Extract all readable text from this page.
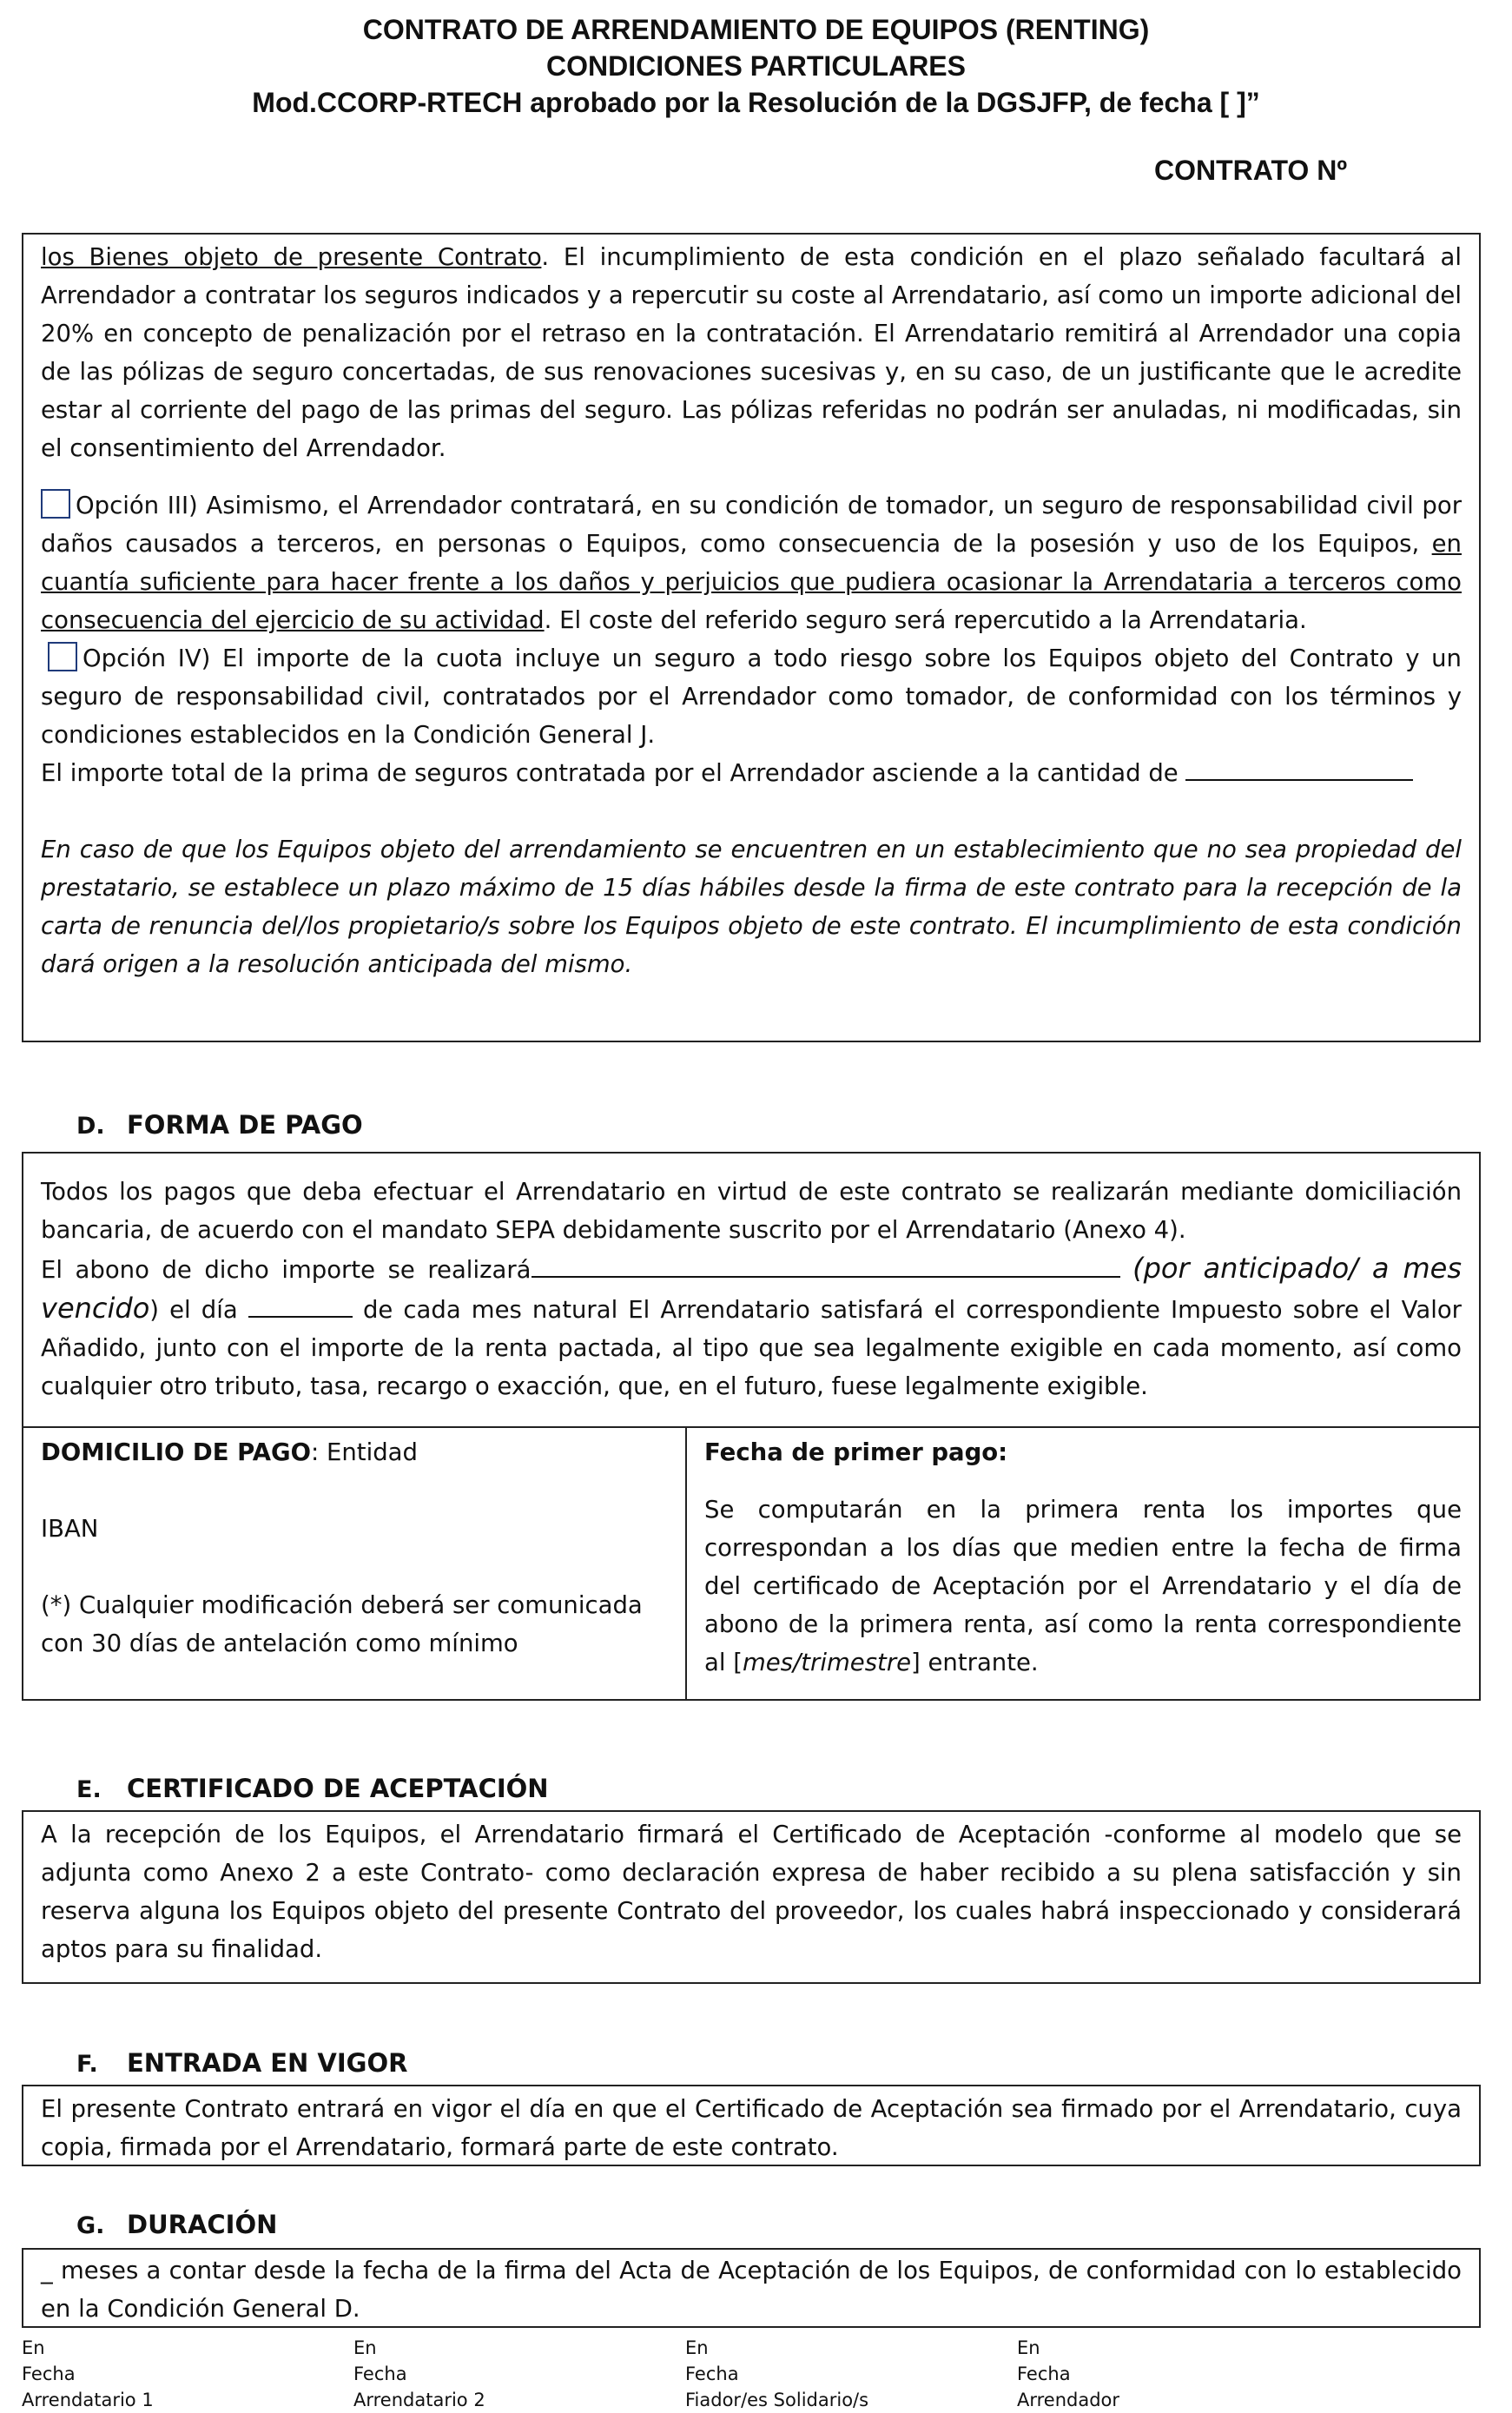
CONTRATO DE ARRENDAMIENTO DE EQUIPOS (RENTING)
CONDICIONES PARTICULARES
Mod.CCORP-RTECH aprobado por la Resolución de la DGSJFP, de fecha [ ]”
CONTRATO Nº

los Bienes objeto de presente Contrato. El incumplimiento de esta condición en el plazo señalado facultará al Arrendador a contratar los seguros indicados y a repercutir su coste al Arrendatario, así como un importe adicional del 20% en concepto de penalización por el retraso en la contratación. El Arrendatario remitirá al Arrendador una copia de las pólizas de seguro concertadas, de sus renovaciones sucesivas y, en su caso, de un justificante que le acredite estar al corriente del pago de las primas del seguro. Las pólizas referidas no podrán ser anuladas, ni modificadas, sin el consentimiento del Arrendador.

Opción III) Asimismo, el Arrendador contratará, en su condición de tomador, un seguro de responsabilidad civil por daños causados a terceros, en personas o Equipos, como consecuencia de la posesión y uso de los Equipos, en cuantía suficiente para hacer frente a los daños y perjuicios que pudiera ocasionar la Arrendataria a terceros como consecuencia del ejercicio de su actividad. El coste del referido seguro será repercutido a la Arrendataria.

Opción IV) El importe de la cuota incluye un seguro a todo riesgo sobre los Equipos objeto del Contrato y un seguro de responsabilidad civil, contratados por el Arrendador como tomador, de conformidad con los términos y condiciones establecidos en la Condición General J.

El importe total de la prima de seguros contratada por el Arrendador asciende a la cantidad de

En caso de que los Equipos objeto del arrendamiento se encuentren en un establecimiento que no sea propiedad del prestatario, se establece un plazo máximo de 15 días hábiles desde la firma de este contrato para la recepción de la carta de renuncia del/los propietario/s sobre los Equipos objeto de este contrato. El incumplimiento de esta condición dará origen a la resolución anticipada del mismo.

D. FORMA DE PAGO

Todos los pagos que deba efectuar el Arrendatario en virtud de este contrato se realizarán mediante domiciliación bancaria, de acuerdo con el mandato SEPA debidamente suscrito por el Arrendatario (Anexo 4).

El abono de dicho importe se realizará	(por anticipado/ a mes vencido) el día	de cada mes natural El Arrendatario satisfará el correspondiente Impuesto sobre el Valor Añadido, junto con el importe de la renta pactada, al tipo que sea legalmente exigible en cada momento, así como cualquier otro tributo, tasa, recargo o exacción, que, en el futuro, fuese legalmente exigible.

DOMICILIO DE PAGO: Entidad

IBAN

(*) Cualquier modificación deberá ser comunicada con 30 días de antelación como mínimo

Fecha de primer pago:

Se computarán en la primera renta los importes que correspondan a los días que medien entre la fecha de firma del certificado de Aceptación por el Arrendatario y el día de abono de la primera renta, así como la renta correspondiente al [mes/trimestre] entrante.

E. CERTIFICADO DE ACEPTACIÓN

A la recepción de los Equipos, el Arrendatario firmará el Certificado de Aceptación -conforme al modelo que se adjunta como Anexo 2 a este Contrato- como declaración expresa de haber recibido a su plena satisfacción y sin reserva alguna los Equipos objeto del presente Contrato del proveedor, los cuales habrá inspeccionado y considerará aptos para su finalidad.

F. ENTRADA EN VIGOR

El presente Contrato entrará en vigor el día en que el Certificado de Aceptación sea firmado por el Arrendatario, cuya copia, firmada por el Arrendatario, formará parte de este contrato.

G. DURACIÓN

_ meses a contar desde la fecha de la firma del Acta de Aceptación de los Equipos, de conformidad con lo establecido en la Condición General D.

En
Fecha
Arrendatario 1
En
Fecha
Arrendatario 2
En
Fecha
Fiador/es Solidario/s
En
Fecha
Arrendador
